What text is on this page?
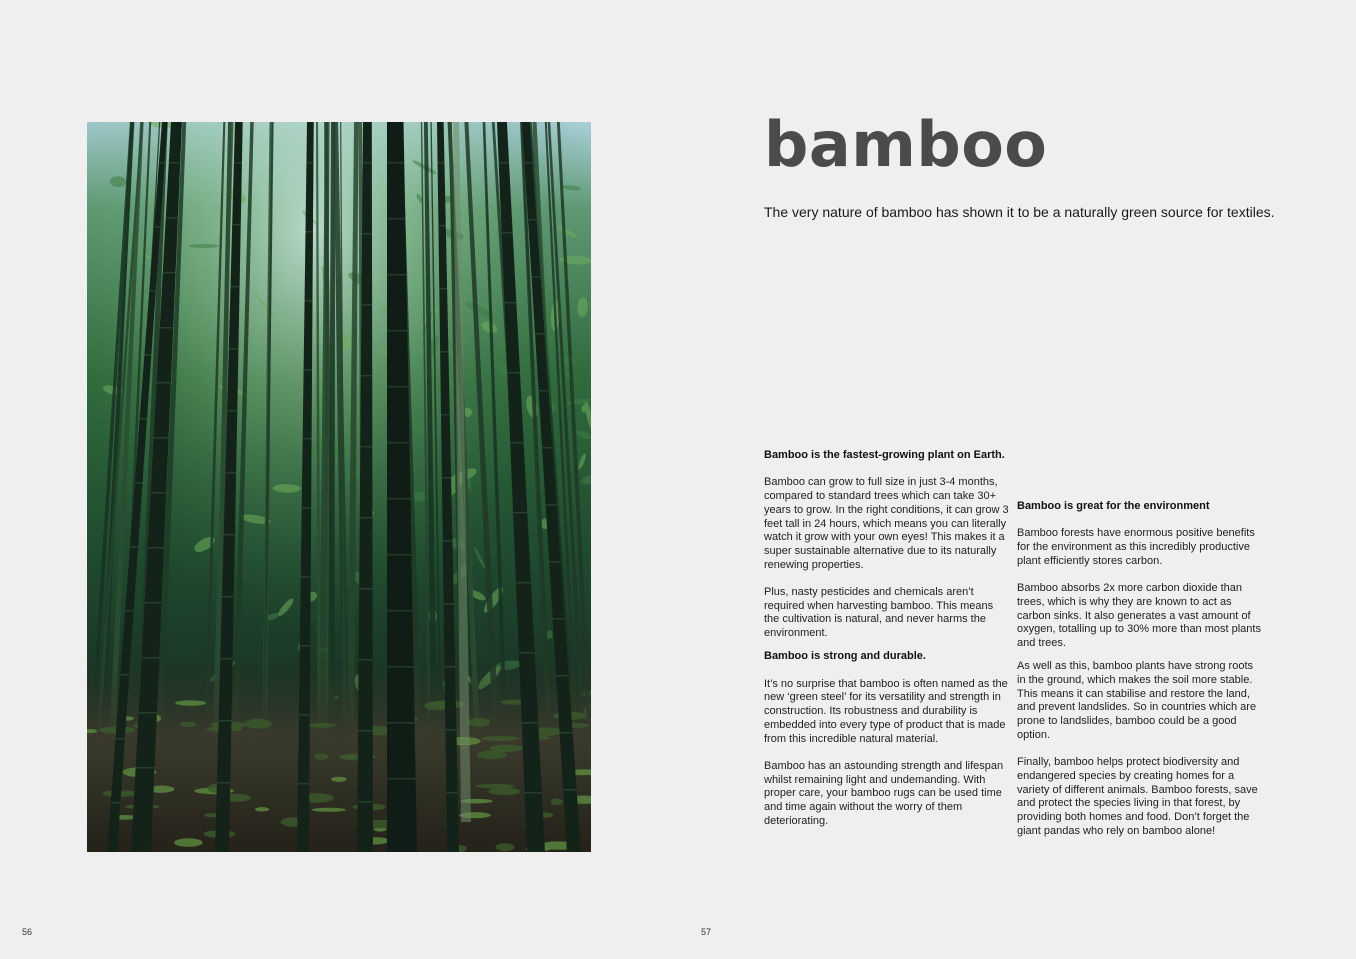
bamboo

The very nature of bamboo has shown it to be a naturally green source for textiles.

Bamboo is the fastest-growing plant on Earth.

Bamboo can grow to full size in just 3-4 months, compared to standard trees which can take 30+ years to grow. In the right conditions, it can grow 3 feet tall in 24 hours, which means you can literally watch it grow with your own eyes! This makes it a super sustainable alternative due to its naturally renewing properties.

Plus, nasty pesticides and chemicals aren’t required when harvesting bamboo. This means the cultivation is natural, and never harms the environment.

Bamboo is strong and durable.

It’s no surprise that bamboo is often named as the new ‘green steel’ for its versatility and strength in construction. Its robustness and durability is embedded into every type of product that is made from this incredible natural material.

Bamboo has an astounding strength and lifespan whilst remaining light and undemanding. With proper care, your bamboo rugs can be used time and time again without the worry of them deteriorating.

Bamboo is great for the environment

Bamboo forests have enormous positive benefits for the environment as this incredibly productive plant efficiently stores carbon.

Bamboo absorbs 2x more carbon dioxide than trees, which is why they are known to act as carbon sinks. It also generates a vast amount of oxygen, totalling up to 30% more than most plants and trees.

As well as this, bamboo plants have strong roots in the ground, which makes the soil more stable. This means it can stabilise and restore the land, and prevent landslides. So in countries which are prone to landslides, bamboo could be a good option.

Finally, bamboo helps protect biodiversity and endangered species by creating homes for a variety of different animals. Bamboo forests, save and protect the species living in that forest, by providing both homes and food. Don’t forget the giant pandas who rely on bamboo alone!

56	57
